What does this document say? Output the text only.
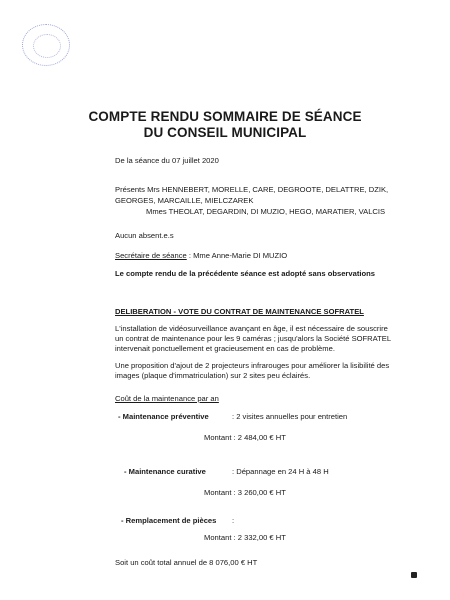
COMPTE RENDU SOMMAIRE DE SÉANCE
DU CONSEIL MUNICIPAL
De la séance du 07 juillet 2020
Présents Mrs HENNEBERT, MORELLE, CARE, DEGROOTE, DELATTRE, DZIK,
GEORGES, MARCAILLE, MIELCZAREK
Mmes THEOLAT, DEGARDIN, DI MUZIO, HEGO, MARATIER, VALCIS
Aucun absent.e.s
Secrétaire de séance : Mme Anne-Marie DI MUZIO
Le compte rendu de la précédente séance est adopté sans observations
DELIBERATION - VOTE DU CONTRAT DE MAINTENANCE SOFRATEL
L'installation de vidéosurveillance avançant en âge, il est nécessaire de souscrire
un contrat de maintenance pour les 9 caméras ; jusqu'alors la Société SOFRATEL
intervenait ponctuellement et gracieusement en cas de problème.
Une proposition d'ajout de 2 projecteurs infrarouges pour améliorer la lisibilité des
images (plaque d'immatriculation) sur 2 sites peu éclairés.
Coût de la maintenance par an
- Maintenance préventive	: 2 visites annuelles pour entretien
Montant : 2 484,00 € HT
- Maintenance curative	: Dépannage en 24 H à 48 H
Montant : 3 260,00 € HT
- Remplacement de pièces :
Montant : 2 332,00 € HT
Soit un coût total annuel de 8 076,00 € HT
